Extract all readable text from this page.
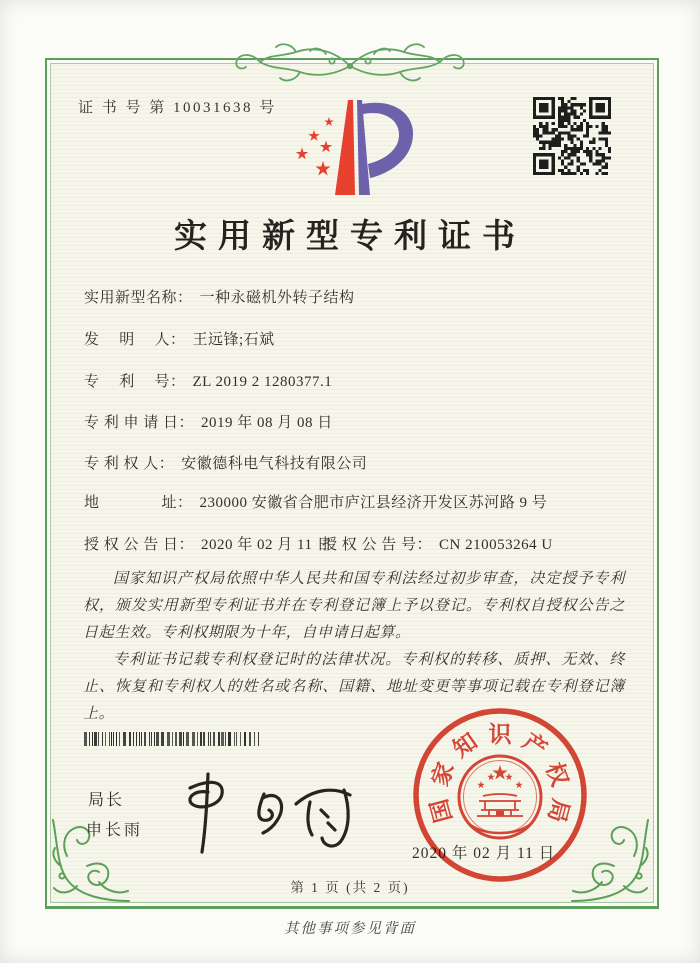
证 书 号 第 10031638 号
实用新型专利证书
实用新型名称： 一种永磁机外转子结构
发　 明　 人： 王远锋;石斌
专　 利　 号： ZL 2019 2 1280377.1
专 利 申 请 日： 2019 年 08 月 08 日
专 利 权 人： 安徽德科电气科技有限公司
地　　　　址： 230000 安徽省合肥市庐江县经济开发区苏河路 9 号
授 权 公 告 日： 2020 年 02 月 11 日
授 权 公 告 号： CN 210053264 U

国家知识产权局依照中华人民共和国专利法经过初步审查，决定授予专利权，颁发实用新型专利证书并在专利登记簿上予以登记。专利权自授权公告之日起生效。专利权期限为十年，自申请日起算。

专利证书记载专利权登记时的法律状况。专利权的转移、质押、无效、终止、恢复和专利权人的姓名或名称、国籍、地址变更等事项记载在专利登记簿上。

局长
申长雨
2020 年 02 月 11 日
国
家
知 识 产
权
局
第 1 页 (共 2 页)
其他事项参见背面
